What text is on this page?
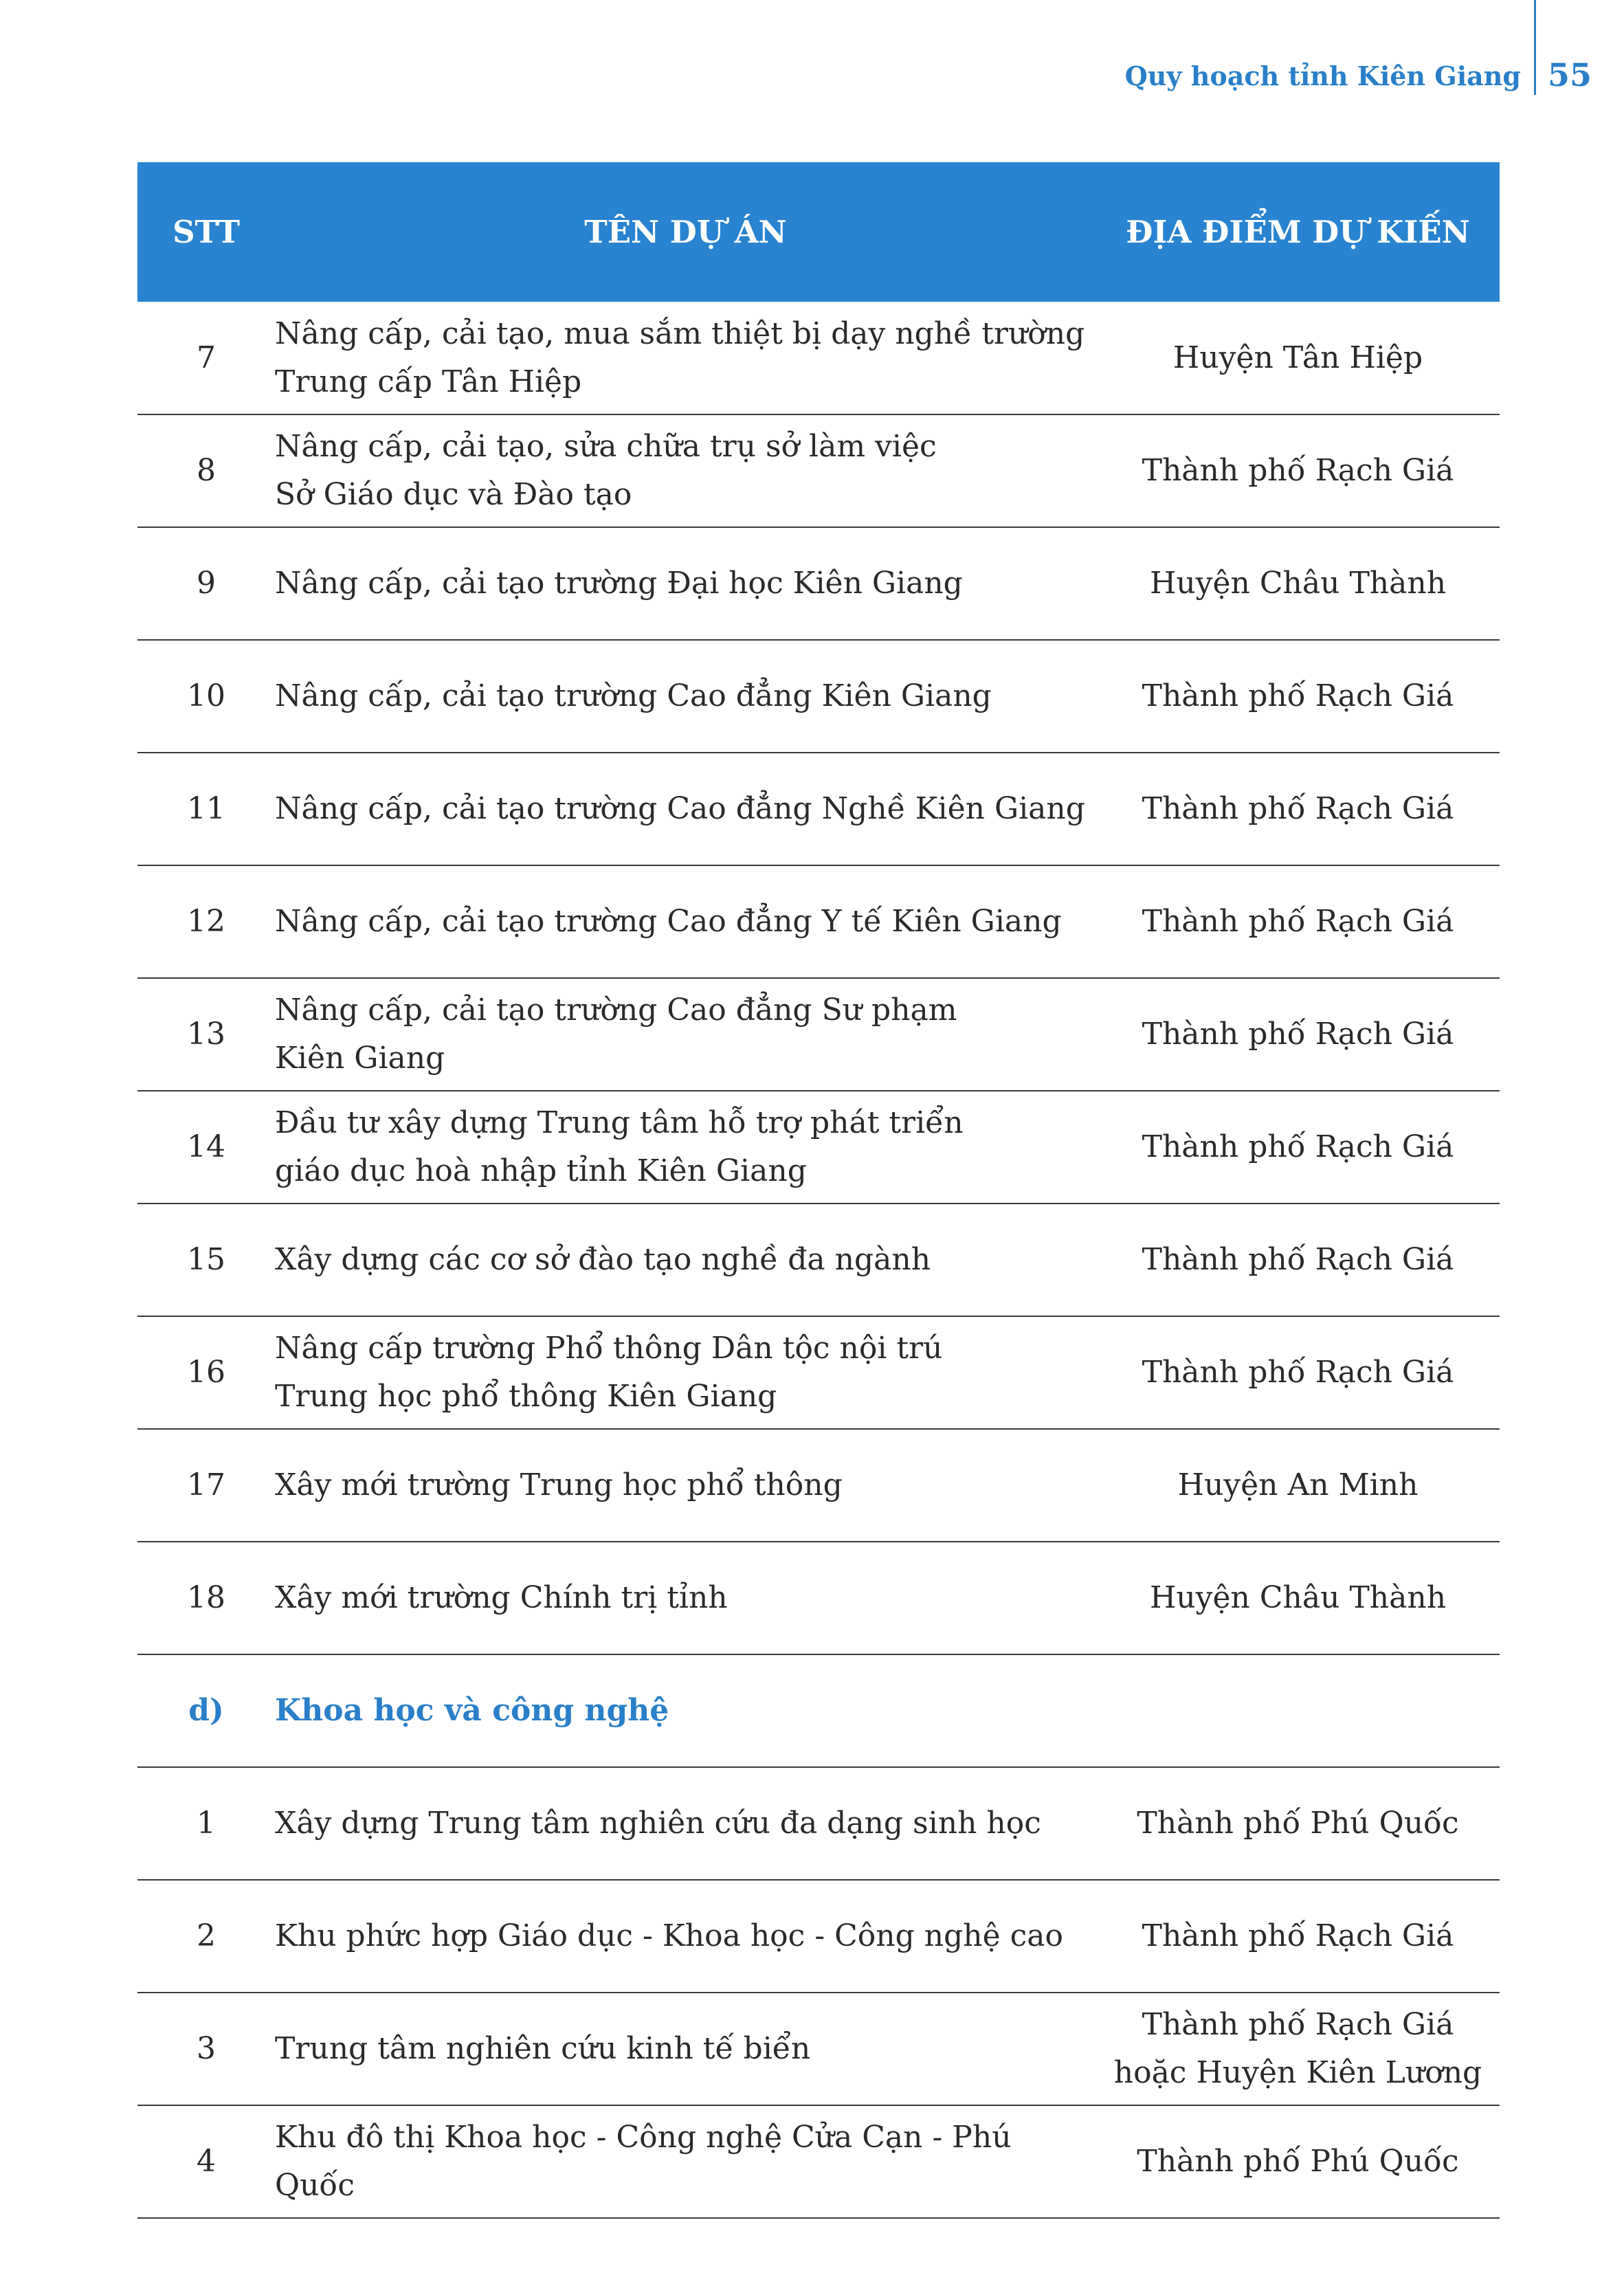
Quy hoạch tỉnh Kiên Giang 55
STT	TÊN DỰ ÁN	ĐỊA ĐIỂM DỰ KIẾN
7	Nâng cấp, cải tạo, mua sắm thiệt bị dạy nghề trường
Trung cấp Tân Hiệp	Huyện Tân Hiệp

8	Nâng cấp, cải tạo, sửa chữa trụ sở làm việc
Sở Giáo dục và Đào tạo	Thành phố Rạch Giá

9	Nâng cấp, cải tạo trường Đại học Kiên Giang	Huyện Châu Thành

10	Nâng cấp, cải tạo trường Cao đẳng Kiên Giang	Thành phố Rạch Giá

11	Nâng cấp, cải tạo trường Cao đẳng Nghề Kiên Giang	Thành phố Rạch Giá

12	Nâng cấp, cải tạo trường Cao đẳng Y tế Kiên Giang	Thành phố Rạch Giá

13	Nâng cấp, cải tạo trường Cao đẳng Sư phạm
Kiên Giang	Thành phố Rạch Giá

14	Đầu tư xây dựng Trung tâm hỗ trợ phát triển
giáo dục hoà nhập tỉnh Kiên Giang	Thành phố Rạch Giá

15	Xây dựng các cơ sở đào tạo nghề đa ngành	Thành phố Rạch Giá

16	Nâng cấp trường Phổ thông Dân tộc nội trú
Trung học phổ thông Kiên Giang	Thành phố Rạch Giá

17	Xây mới trường Trung học phổ thông	Huyện An Minh

18	Xây mới trường Chính trị tỉnh	Huyện Châu Thành

d)	Khoa học và công nghệ	

1	Xây dựng Trung tâm nghiên cứu đa dạng sinh học	Thành phố Phú Quốc

2	Khu phức hợp Giáo dục - Khoa học - Công nghệ cao	Thành phố Rạch Giá

3	Trung tâm nghiên cứu kinh tế biển	Thành phố Rạch Giá
hoặc Huyện Kiên Lương

4	Khu đô thị Khoa học - Công nghệ Cửa Cạn - Phú
Quốc	Thành phố Phú Quốc
